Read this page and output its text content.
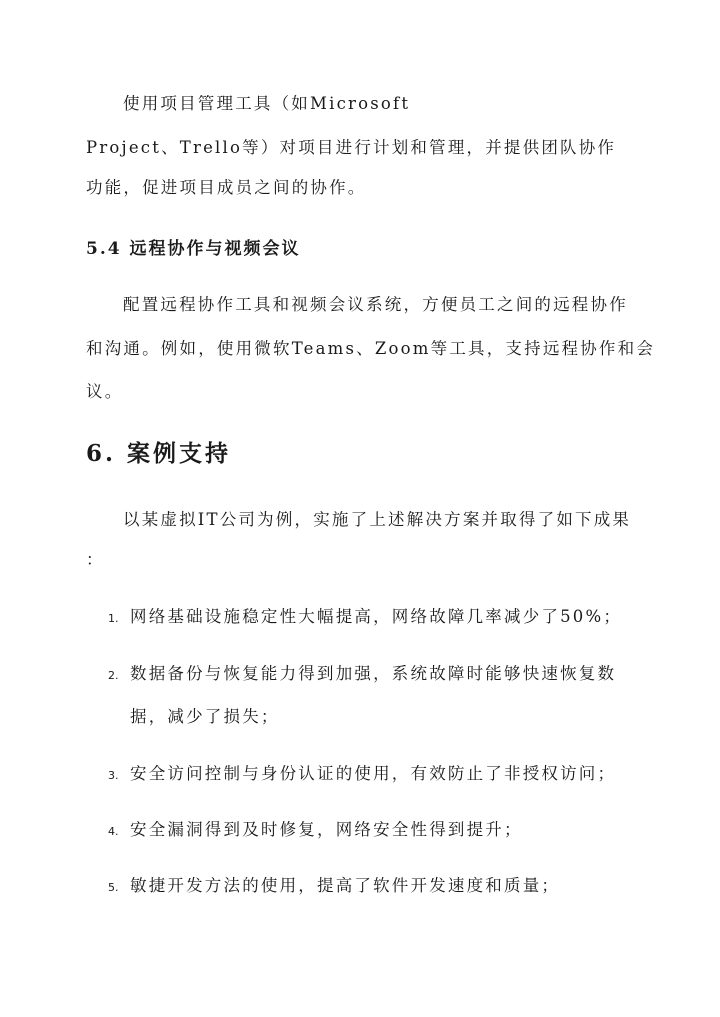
使用项目管理工具（如Microsoft
Project、Trello等）对项目进行计划和管理，并提供团队协作
功能，促进项目成员之间的协作。
5.4 远程协作与视频会议
配置远程协作工具和视频会议系统，方便员工之间的远程协作
和沟通。例如，使用微软Teams、Zoom等工具，支持远程协作和会
议。
6. 案例支持
以某虚拟IT公司为例，实施了上述解决方案并取得了如下成果
：
1. 网络基础设施稳定性大幅提高，网络故障几率减少了50%；
2. 数据备份与恢复能力得到加强，系统故障时能够快速恢复数
据，减少了损失；
3. 安全访问控制与身份认证的使用，有效防止了非授权访问；
4. 安全漏洞得到及时修复，网络安全性得到提升；
5. 敏捷开发方法的使用，提高了软件开发速度和质量；
